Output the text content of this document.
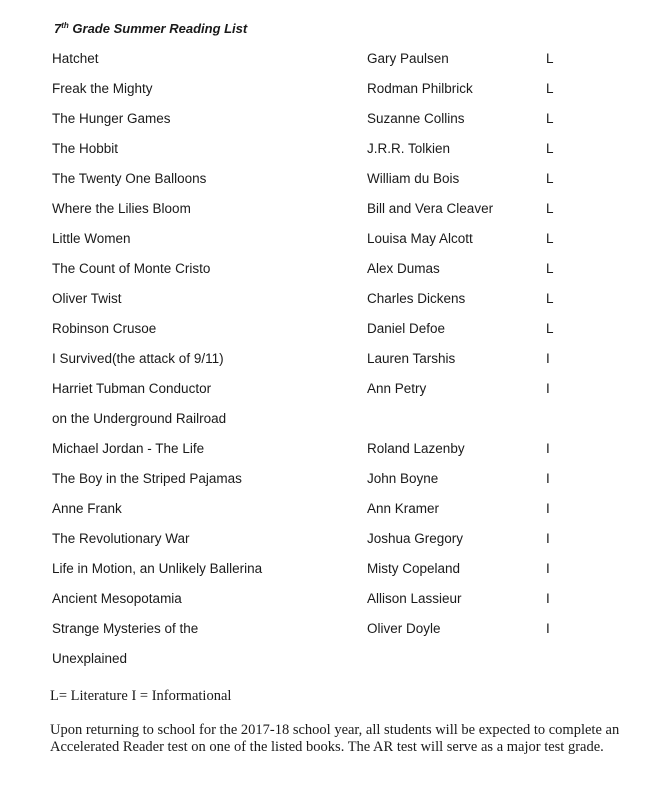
7th Grade Summer Reading List
Hatchet	Gary Paulsen	L
Freak the Mighty	Rodman Philbrick	L
The Hunger Games	Suzanne Collins	L
The Hobbit	J.R.R. Tolkien	L
The Twenty One Balloons	William du Bois	L
Where the Lilies Bloom	Bill and Vera Cleaver	L
Little Women	Louisa May Alcott	L
The Count of Monte Cristo	Alex Dumas	L
Oliver Twist	Charles Dickens	L
Robinson Crusoe	Daniel Defoe	L
I Survived(the attack of 9/11)	Lauren Tarshis	I
Harriet Tubman Conductor	Ann Petry	I
on the Underground Railroad
Michael Jordan - The Life	Roland Lazenby	I
The Boy in the Striped Pajamas	John Boyne	I
Anne Frank	Ann Kramer	I
The Revolutionary War	Joshua Gregory	I
Life in Motion, an Unlikely Ballerina	Misty Copeland	I
Ancient Mesopotamia	Allison Lassieur	I
Strange Mysteries of the	Oliver Doyle	I
Unexplained
L= Literature I = Informational
Upon returning to school for the 2017-18 school year, all students will be expected to complete an Accelerated Reader test on one of the listed books. The AR test will serve as a major test grade.
